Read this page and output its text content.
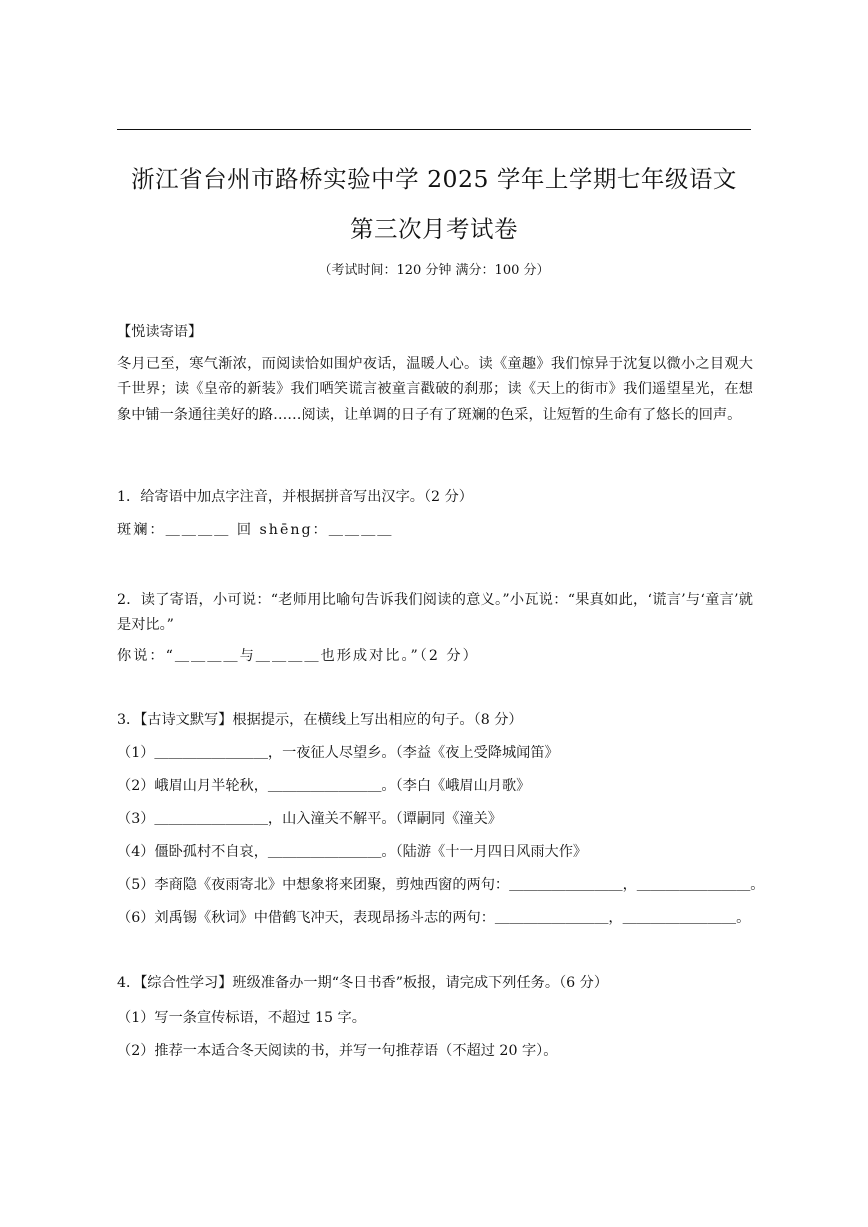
浙江省台州市路桥实验中学 2025 学年上学期七年级语文
第三次月考试卷
（考试时间：120 分钟 满分：100 分）
【悦读寄语】
冬月已至，寒气渐浓，而阅读恰如围炉夜话，温暖人心。读《童趣》我们惊异于沈复以微小之目观大千世界；读《皇帝的新装》我们哂笑谎言被童言戳破的刹那；读《天上的街市》我们遥望星光，在想象中铺一条通往美好的路……阅读，让单调的日子有了斑斓的色采，让短暂的生命有了悠长的回声。
1．给寄语中加点字注音，并根据拼音写出汉字。（2 分）
斑斓：＿＿＿＿ 回 shēng：＿＿＿＿
2．读了寄语，小可说：“老师用比喻句告诉我们阅读的意义。”小瓦说：“果真如此，‘谎言’与‘童言’就是对比。”
你说：“＿＿＿＿与＿＿＿＿也形成对比。”（2 分）
3．【古诗文默写】根据提示，在横线上写出相应的句子。（8 分）
（1）＿＿＿＿＿＿＿＿，一夜征人尽望乡。（李益《夜上受降城闻笛》
（2）峨眉山月半轮秋，＿＿＿＿＿＿＿＿。（李白《峨眉山月歌》
（3）＿＿＿＿＿＿＿＿，山入潼关不解平。（谭嗣同《潼关》
（4）僵卧孤村不自哀，＿＿＿＿＿＿＿＿。（陆游《十一月四日风雨大作》
（5）李商隐《夜雨寄北》中想象将来团聚，剪烛西窗的两句：＿＿＿＿＿＿＿＿，＿＿＿＿＿＿＿＿。
（6）刘禹锡《秋词》中借鹤飞冲天，表现昂扬斗志的两句：＿＿＿＿＿＿＿＿，＿＿＿＿＿＿＿＿。
4．【综合性学习】班级准备办一期“冬日书香”板报，请完成下列任务。（6 分）
（1）写一条宣传标语，不超过 15 字。
（2）推荐一本适合冬天阅读的书，并写一句推荐语（不超过 20 字）。
